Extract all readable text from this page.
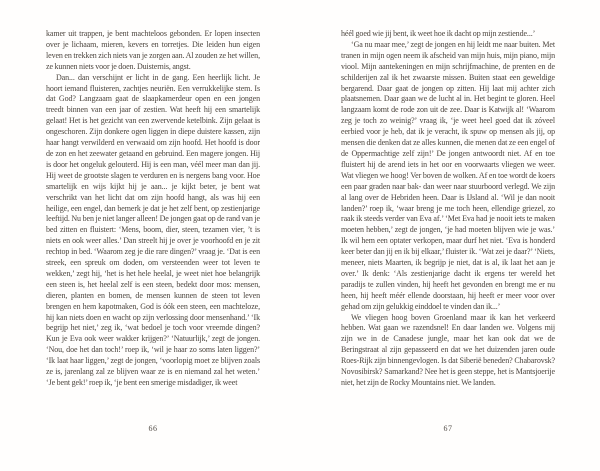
kamer uit trappen, je bent machteloos gebonden. Er lopen insecten over je lichaam, mieren, kevers en torretjes. Die leiden hun eigen leven en trekken zich niets van je zorgen aan. Al zouden ze het willen, ze kunnen niets voor je doen. Duisternis, angst.

Dan... dan verschijnt er licht in de gang. Een heerlijk licht. Je hoort iemand fluisteren, zachtjes neuriën. Een verrukkelijke stem. Is dat God? Langzaam gaat de slaapkamerdeur open en een jongen treedt binnen van een jaar of zestien. Wat heeft hij een smartelijk gelaat! Het is het gezicht van een zwervende ketelbink. Zijn gelaat is ongeschoren. Zijn donkere ogen liggen in diepe duistere kassen, zijn haar hangt verwilderd en verwaaid om zijn hoofd. Het hoofd is door de zon en het zeewater getaand en gebruind. Een magere jongen. Hij is door het ongeluk gelouterd. Hij is een man, véél meer man dan jij. Hij weet de grootste slagen te verduren en is nergens bang voor. Hoe smartelijk en wijs kijkt hij je aan... je kijkt beter, je bent wat verschrikt van het licht dat om zijn hoofd hangt, als was hij een heilige, een engel, dan bemerk je dat je het zelf bent, op zestienjarige leeftijd. Nu ben je niet langer alleen! De jongen gaat op de rand van je bed zitten en fluistert: ‘Mens, boom, dier, steen, tezamen vier, ’t is niets en ook weer alles.’ Dan streelt hij je over je voorhoofd en je zit rechtop in bed. ‘Waarom zeg je die rare dingen?’ vraag je. ‘Dat is een streek, een spreuk om doden, om versteenden weer tot leven te wekken,’ zegt hij, ‘het is het hele heelal, je weet niet hoe belangrijk een steen is, het heelal zelf is een steen, bedekt door mos: mensen, dieren, planten en bomen, de mensen kunnen de steen tot leven brengen en hem kapotmaken, God is óók een steen, een machteloze, hij kan niets doen en wacht op zijn verlossing door mensenhand.’ ‘Ik begrijp het niet,’ zeg ik, ‘wat bedoel je toch voor vreemde dingen? Kun je Eva ook weer wakker krijgen?’ ‘Natuurlijk,’ zegt de jongen. ‘Nou, doe het dan toch!’ roep ik, ‘wil je haar zo soms laten liggen?’ ‘Ik laat haar liggen,’ zegt de jongen, ‘voorlopig moet ze blijven zoals ze is, jarenlang zal ze blijven waar ze is en niemand zal het weten.’ ‘Je bent gek!’ roep ik, ‘je bent een smerige misdadiger, ik weet

66

héél goed wie jij bent, ik weet hoe ik dacht op mijn zestiende...’

‘Ga nu maar mee,’ zegt de jongen en hij leidt me naar buiten. Met tranen in mijn ogen neem ik afscheid van mijn huis, mijn piano, mijn viool. Mijn aantekeningen en mijn schrijfmachine, de prenten en de schilderijen zal ik het zwaarste missen. Buiten staat een geweldige bergarend. Daar gaat de jongen op zitten. Hij laat mij achter zich plaatsnemen. Daar gaan we de lucht al in. Het begint te gloren. Heel langzaam komt de rode zon uit de zee. Daar is Katwijk al! ‘Waarom zeg je toch zo weinig?’ vraag ik, ‘je weet heel goed dat ik zóveel eerbied voor je heb, dat ik je veracht, ik spuw op mensen als jij, op mensen die denken dat ze alles kunnen, die menen dat ze een engel of de Oppermachtige zelf zijn!’ De jongen antwoordt niet. Af en toe fluistert hij de arend iets in het oor en voorwaarts vliegen we weer. Wat vliegen we hoog! Ver boven de wolken. Af en toe wordt de koers een paar graden naar bak- dan weer naar stuurboord verlegd. We zijn al lang over de Hebriden heen. Daar is IJsland al. ‘Wil je dan nooit landen?’ roep ik, ‘waar breng je me toch heen, ellendige griezel, zo raak ik steeds verder van Eva af.’ ‘Met Eva had je nooit iets te maken moeten hebben,’ zegt de jongen, ‘je had moeten blijven wie je was.’ Ik wil hem een optater verkopen, maar durf het niet. ‘Eva is honderd keer beter dan jij en ik bij elkaar,’ fluister ik. ‘Wat zei je daar?’ ‘Niets, meneer, niets Maarten, ik begrijp je niet, dat is al, ik laat het aan je over.’ Ik denk: ‘Als zestienjarige dacht ik ergens ter wereld het paradijs te zullen vinden, hij heeft het gevonden en brengt me er nu heen, hij heeft méér ellende doorstaan, hij heeft er meer voor over gehad om zijn gelukkig einddoel te vinden dan ik...’

We vliegen hoog boven Groenland maar ik kan het verkeerd hebben. Wat gaan we razendsnel! En daar landen we. Volgens mij zijn we in de Canadese jungle, maar het kan ook dat we de Beringstraat al zijn gepasseerd en dat we het duizenden jaren oude Roes-Rijk zijn binnengevlogen. Is dat Siberië beneden? Chabarovsk? Novosibirsk? Samarkand? Nee het is geen steppe, het is Mantsjoerije niet, het zijn de Rocky Mountains niet. We landen.

67
